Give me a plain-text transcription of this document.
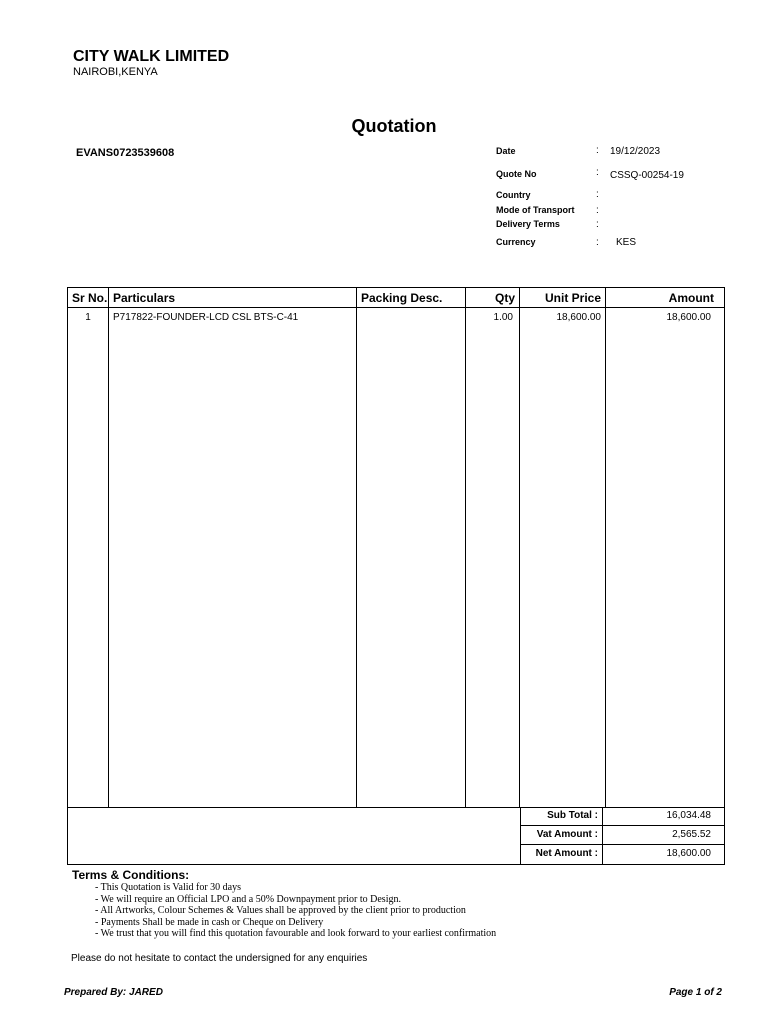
CITY WALK LIMITED
NAIROBI,KENYA
Quotation
EVANS0723539608	Date	: 19/12/2023
Quote No	: CSSQ-00254-19
Country	:
Mode of Transport :
Delivery Terms	:
Currency	: KES
Sr No.	Particulars	Packing Desc.	Qty	Unit Price	Amount
1	P717822-FOUNDER-LCD CSL BTS-C-41		1.00	18,600.00	18,600.00

Sub Total :	16,034.48
Vat Amount :	2,565.52
Net Amount :	18,600.00
Terms & Conditions:
- This Quotation is Valid for 30 days
- We will require an Official LPO and a 50% Downpayment prior to Design.
- All Artworks, Colour Schemes & Values shall be approved by the client prior to production
- Payments Shall be made in cash or Cheque on Delivery
- We trust that you will find this quotation favourable and look forward to your earliest confirmation
Please do not hesitate to contact the undersigned for any enquiries
Prepared By: JARED	Page 1 of 2
